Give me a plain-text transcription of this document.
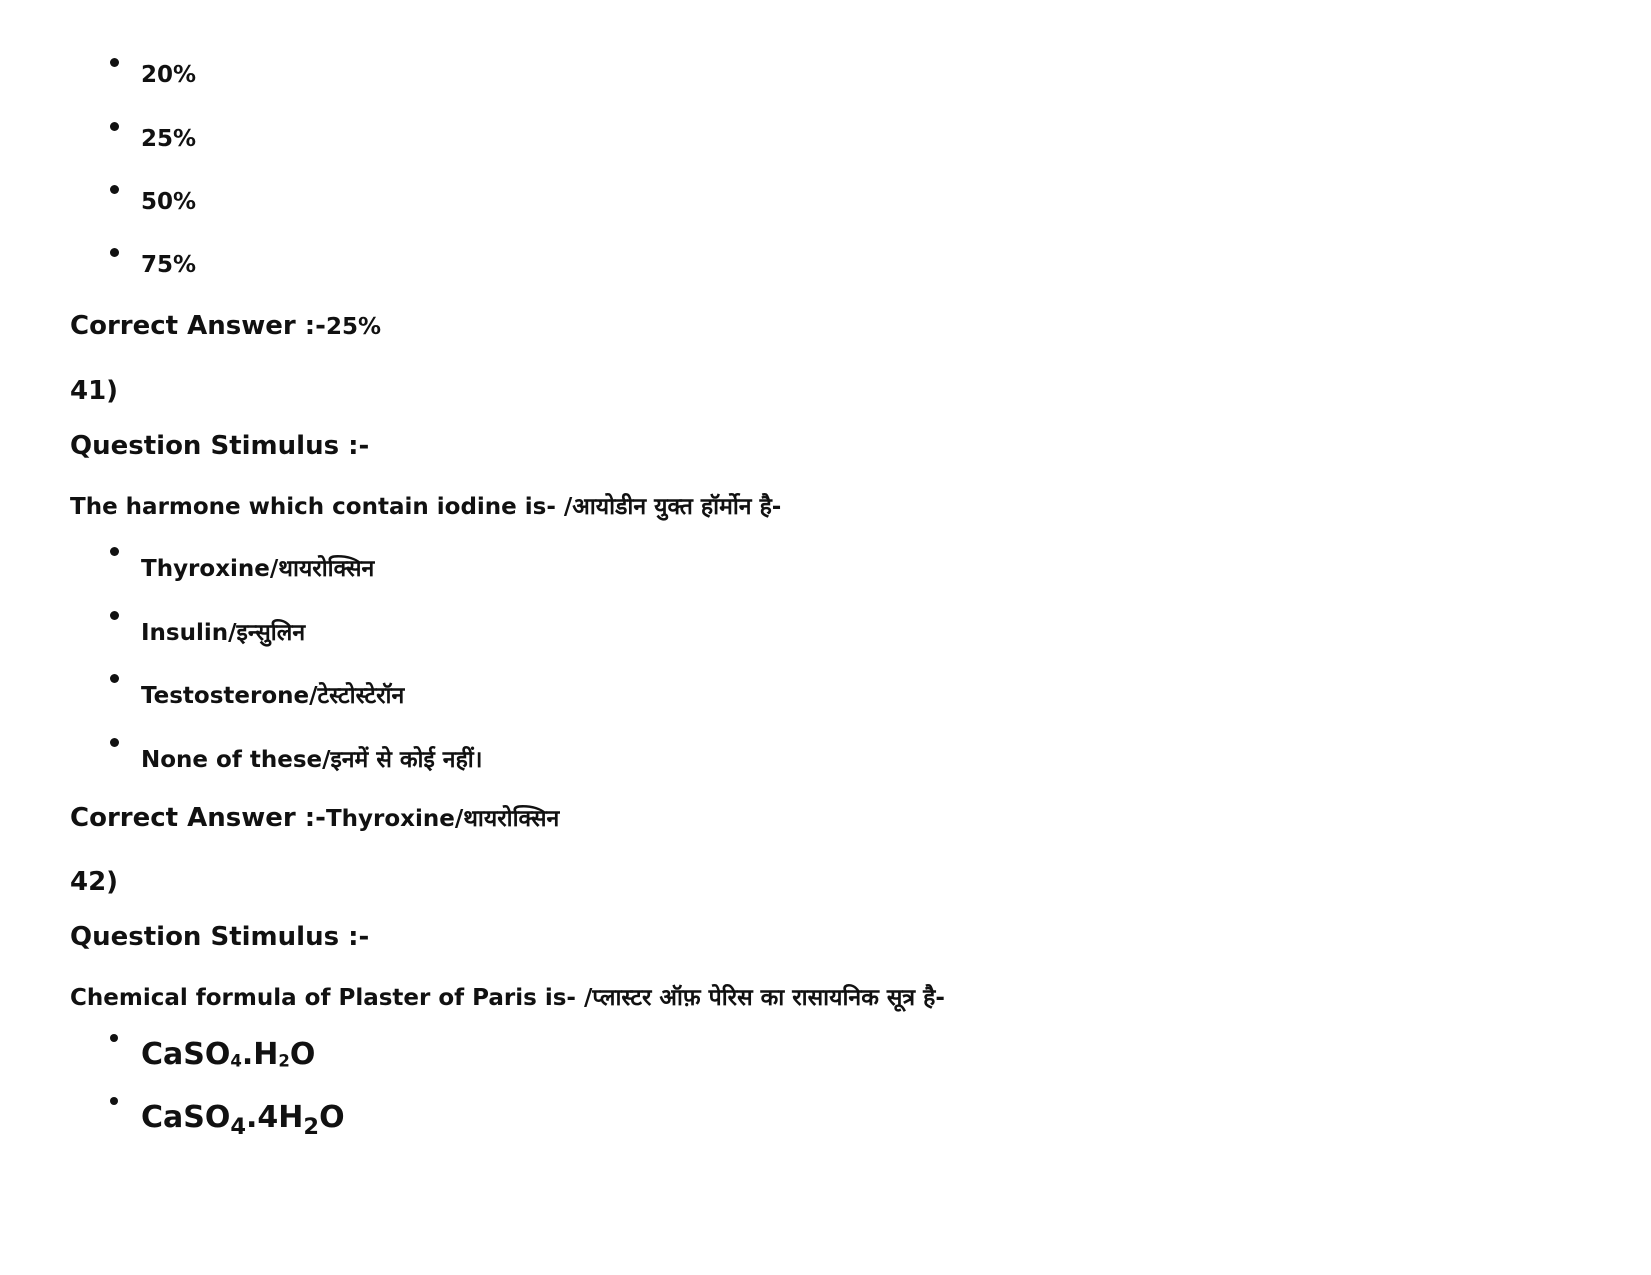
20%
25%
50%
75%
Correct Answer :-25%
41)
Question Stimulus :-
The harmone which contain iodine is- /आयोडीन युक्त हॉर्मोन है-
Thyroxine/थायरोक्सिन
Insulin/इन्सुलिन
Testosterone/टेस्टोस्टेरॉन
None of these/इनमें से कोई नहीं।
Correct Answer :-Thyroxine/थायरोक्सिन
42)
Question Stimulus :-
Chemical formula of Plaster of Paris is- /प्लास्टर ऑफ़ पेरिस का रासायनिक सूत्र है-
$CaSO_4.H_2O$
$CaSO_4.4H_2O$
